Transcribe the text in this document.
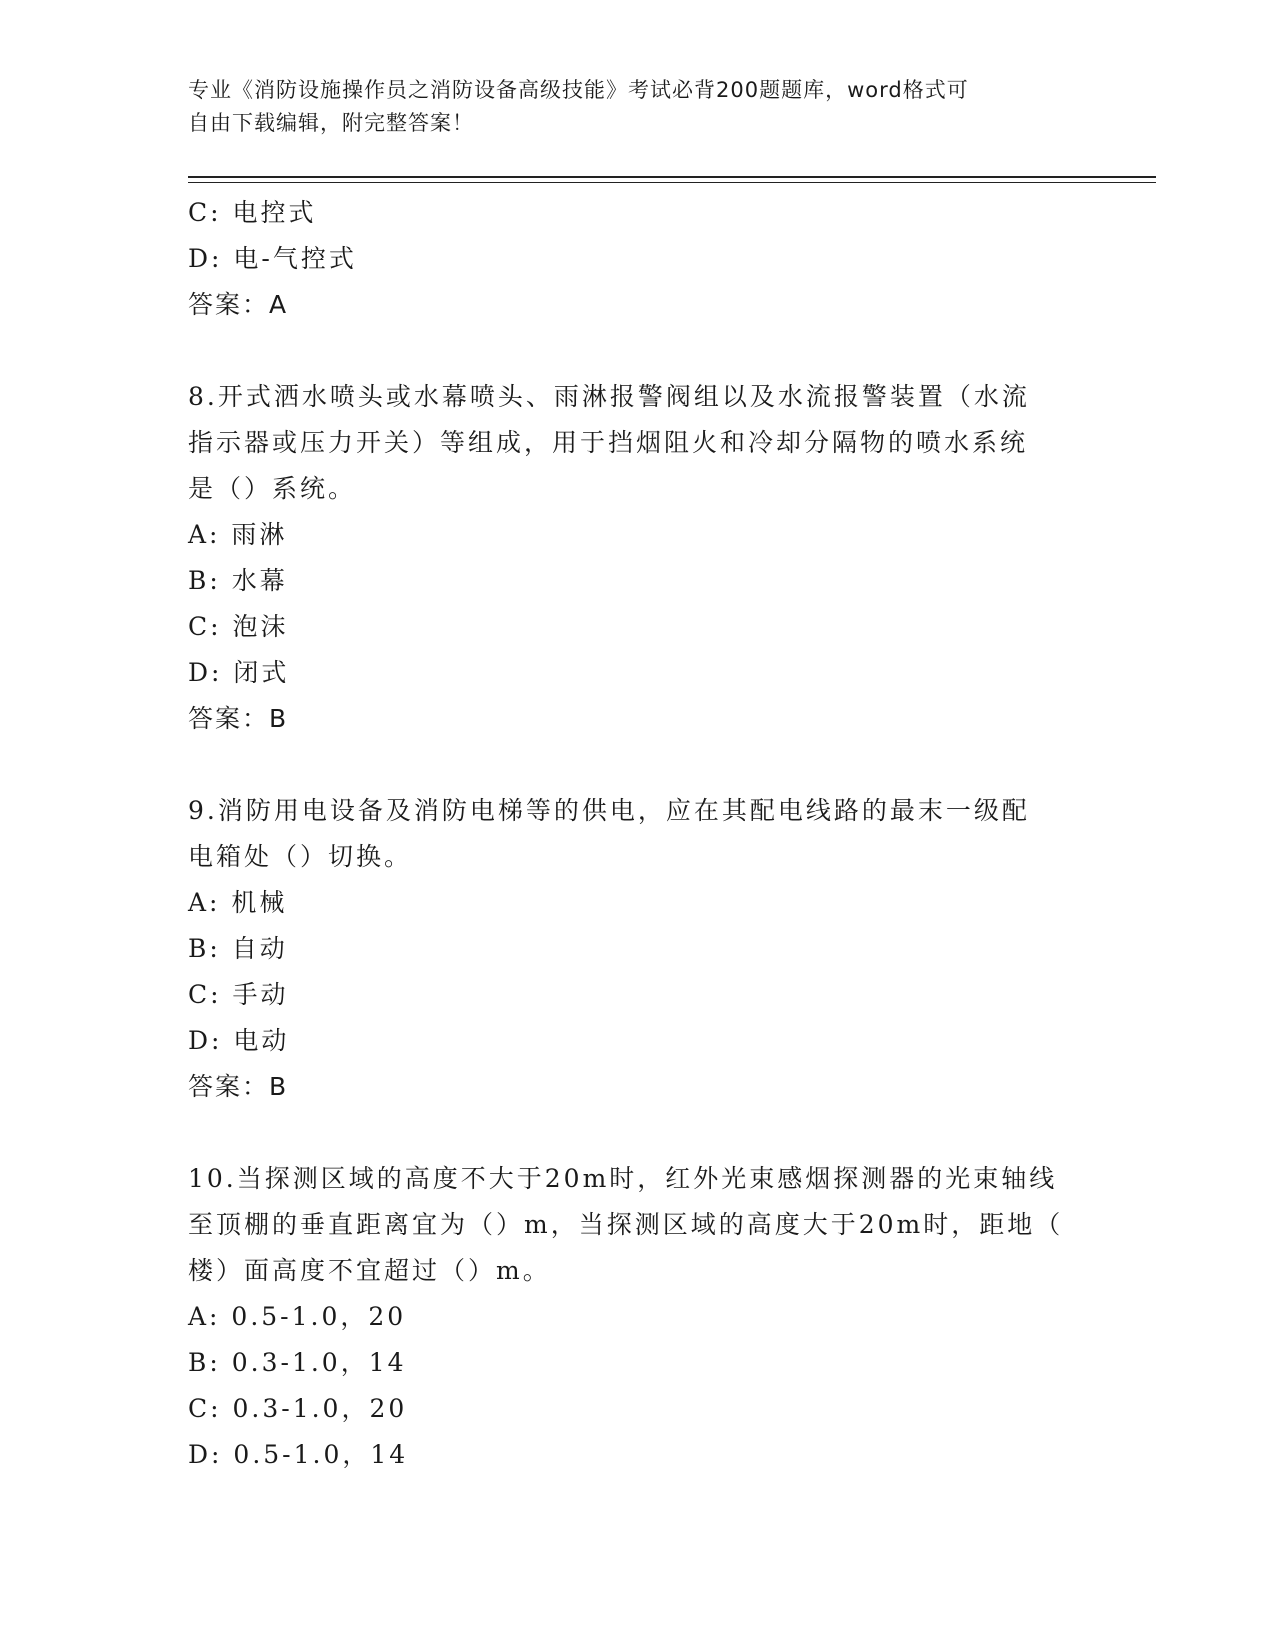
专业《消防设施操作员之消防设备高级技能》考试必背200题题库，word格式可
自由下载编辑，附完整答案！
C: 电控式
D: 电-气控式
答案：A
8.开式洒水喷头或水幕喷头、雨淋报警阀组以及水流报警装置（水流
指示器或压力开关）等组成，用于挡烟阻火和冷却分隔物的喷水系统
是（）系统。
A: 雨淋
B: 水幕
C: 泡沫
D: 闭式
答案：B
9.消防用电设备及消防电梯等的供电，应在其配电线路的最末一级配
电箱处（）切换。
A: 机械
B: 自动
C: 手动
D: 电动
答案：B
10.当探测区域的高度不大于20m时，红外光束感烟探测器的光束轴线
至顶棚的垂直距离宜为（）m，当探测区域的高度大于20m时，距地（
楼）面高度不宜超过（）m。
A: 0.5-1.0，20
B: 0.3-1.0，14
C: 0.3-1.0，20
D: 0.5-1.0，14
